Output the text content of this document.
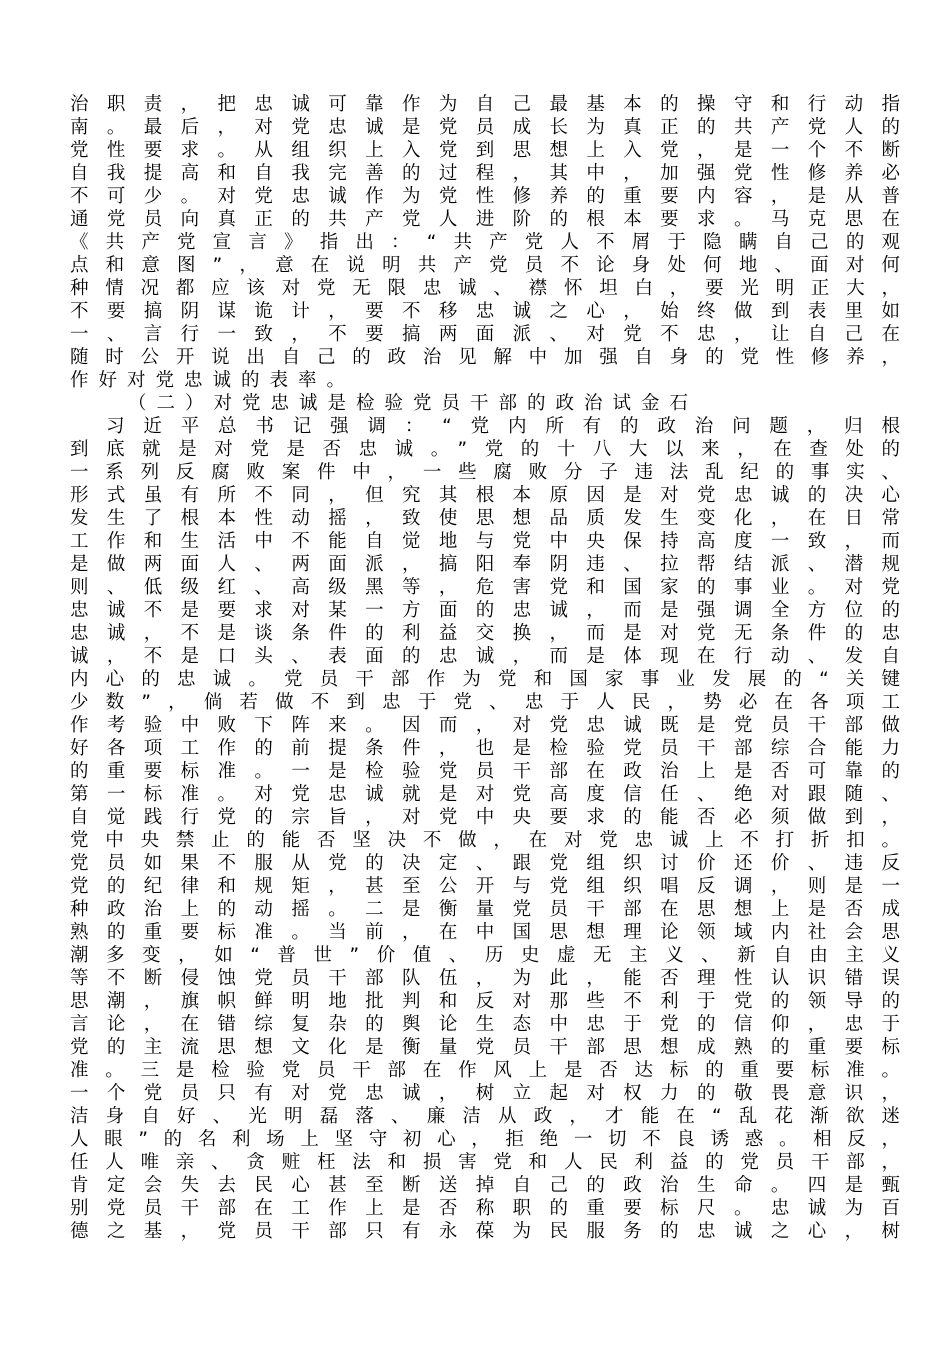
治职责，把忠诚可靠作为自己最基本的操守和行动指
南。最后，对党忠诚是党员成长为真正的共产党人的
党性要求。从组织上入党到思想上入党，是一个不断
自我提高和自我完善的过程，其中，加强党性修养必
不可少。对党忠诚作为党性修养的重要内容，是从普
通党员向真正的共产党人进阶的根本要求。马克思在
《共产党宣言》指出：“共产党人不屑于隐瞒自己的观
点和意图”，意在说明共产党员不论身处何地、面对何
种情况都应该对党无限忠诚、襟怀坦白，要光明正大，
不要搞阴谋诡计，要不移忠诚之心，始终做到表里如
一、言行一致，不要搞两面派、对党不忠，让自己在
随时公开说出自己的政治见解中加强自身的党性修养，
作好对党忠诚的表率。
（二）对党忠诚是检验党员干部的政治试金石
习近平总书记强调：“党内所有的政治问题，归根
到底就是对党是否忠诚。”党的十八大以来，在查处的
一系列反腐败案件中，一些腐败分子违法乱纪的事实、
形式虽有所不同，但究其根本原因是对党忠诚的决心
发生了根本性动摇，致使思想品质发生变化，在日常
工作和生活中不能自觉地与党中央保持高度一致，而
是做两面人、两面派，搞阳奉阴违、拉帮结派、潜规
则、低级红、高级黑等，危害党和国家的事业。对党
忠诚不是要求对某一方面的忠诚，而是强调全方位的
忠诚，不是谈条件的利益交换，而是对党无条件的忠
诚，不是口头、表面的忠诚，而是体现在行动、发自
内心的忠诚。党员干部作为党和国家事业发展的“关键
少数”，倘若做不到忠于党、忠于人民，势必在各项工
作考验中败下阵来。因而，对党忠诚既是党员干部做
好各项工作的前提条件，也是检验党员干部综合能力
的重要标准。一是检验党员干部在政治上是否可靠的
第一标准。对党忠诚就是对党高度信任、绝对跟随、
自觉践行党的宗旨，对党中央要求的能否必须做到，
党中央禁止的能否坚决不做，在对党忠诚上不打折扣。
党员如果不服从党的决定、跟党组织讨价还价、违反
党的纪律和规矩，甚至公开与党组织唱反调，则是一
种政治上的动摇。二是衡量党员干部在思想上是否成
熟的重要标准。当前，在中国思想理论领域内社会思
潮多变，如“普世”价值、历史虚无主义、新自由主义
等不断侵蚀党员干部队伍，为此，能否理性认识错误
思潮，旗帜鲜明地批判和反对那些不利于党的领导的
言论，在错综复杂的舆论生态中忠于党的信仰，忠于
党的主流思想文化是衡量党员干部思想成熟的重要标
准。三是检验党员干部在作风上是否达标的重要标准。
一个党员只有对党忠诚，树立起对权力的敬畏意识，
洁身自好、光明磊落、廉洁从政，才能在“乱花渐欲迷
人眼”的名利场上坚守初心，拒绝一切不良诱惑。相反，
任人唯亲、贪赃枉法和损害党和人民利益的党员干部，
肯定会失去民心甚至断送掉自己的政治生命。四是甄
别党员干部在工作上是否称职的重要标尺。忠诚为百
德之基，党员干部只有永葆为民服务的忠诚之心，树
